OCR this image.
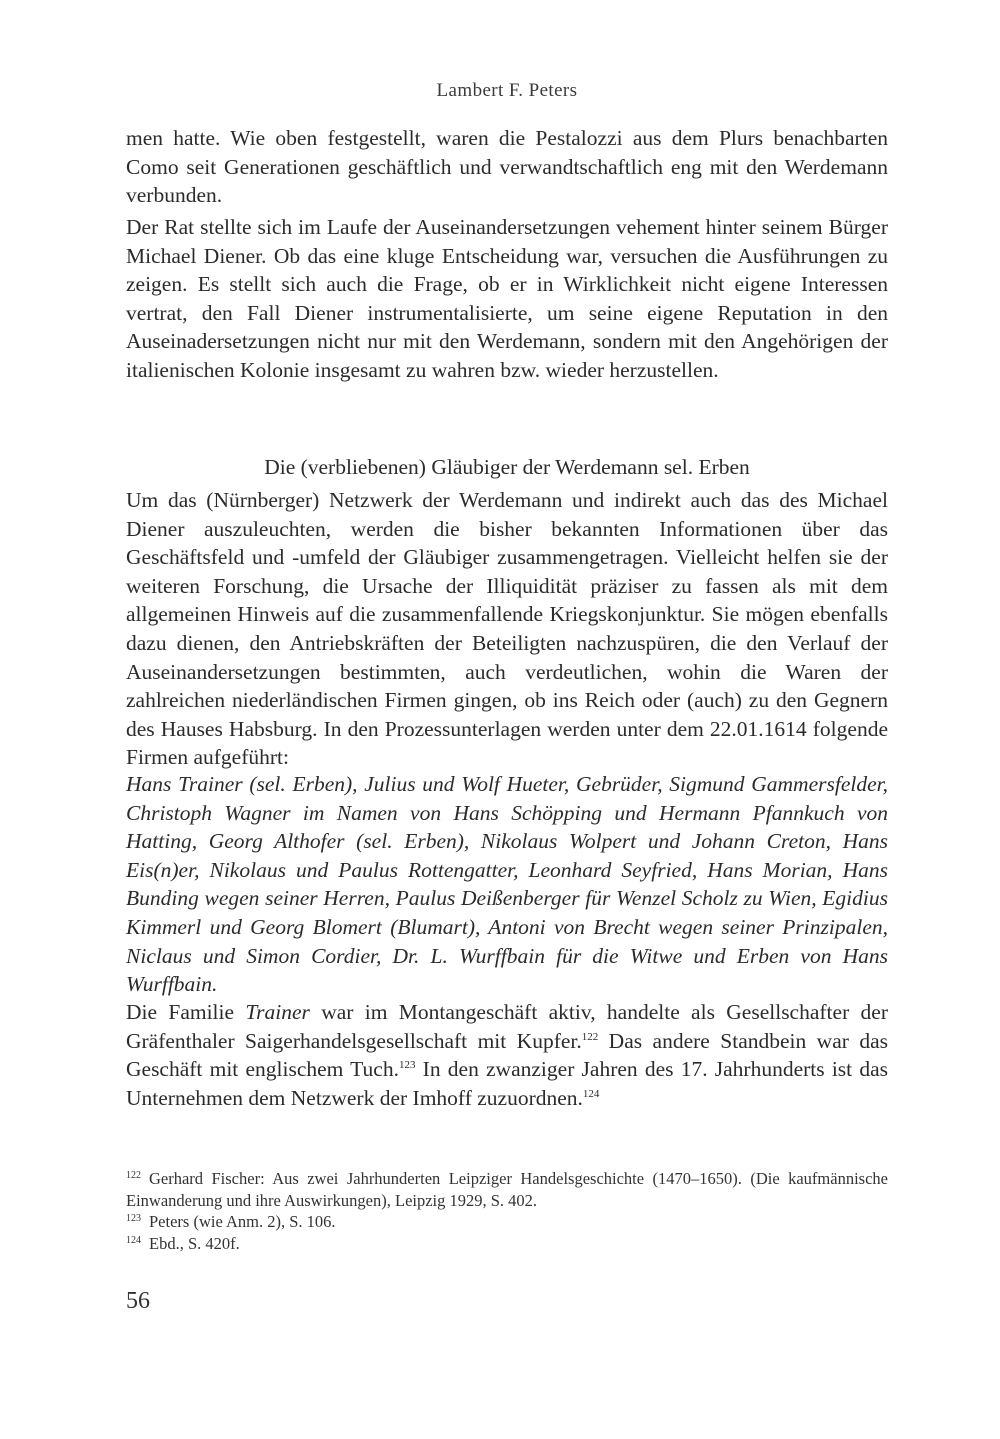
Lambert F. Peters

men hatte. Wie oben festgestellt, waren die Pestalozzi aus dem Plurs benachbarten Como seit Generationen geschäftlich und verwandtschaftlich eng mit den Werdemann verbunden.

Der Rat stellte sich im Laufe der Auseinandersetzungen vehement hinter seinem Bürger Michael Diener. Ob das eine kluge Entscheidung war, versuchen die Ausführungen zu zeigen. Es stellt sich auch die Frage, ob er in Wirklichkeit nicht eigene Interessen vertrat, den Fall Diener instrumentalisierte, um seine eigene Reputation in den Auseinadersetzungen nicht nur mit den Werdemann, sondern mit den Angehörigen der italienischen Kolonie insgesamt zu wahren bzw. wieder herzustellen.

Die (verbliebenen) Gläubiger der Werdemann sel. Erben

Um das (Nürnberger) Netzwerk der Werdemann und indirekt auch das des Michael Diener auszuleuchten, werden die bisher bekannten Informationen über das Geschäftsfeld und -umfeld der Gläubiger zusammengetragen. Vielleicht helfen sie der weiteren Forschung, die Ursache der Illiquidität präziser zu fassen als mit dem allgemeinen Hinweis auf die zusammenfallende Kriegskonjunktur. Sie mögen ebenfalls dazu dienen, den Antriebskräften der Beteiligten nachzuspüren, die den Verlauf der Auseinandersetzungen bestimmten, auch verdeutlichen, wohin die Waren der zahlreichen niederländischen Firmen gingen, ob ins Reich oder (auch) zu den Gegnern des Hauses Habsburg. In den Prozessunterlagen werden unter dem 22.01.1614 folgende Firmen aufgeführt:

Hans Trainer (sel. Erben), Julius und Wolf Hueter, Gebrüder, Sigmund Gammersfelder, Christoph Wagner im Namen von Hans Schöpping und Hermann Pfannkuch von Hatting, Georg Althofer (sel. Erben), Nikolaus Wolpert und Johann Creton, Hans Eis(n)er, Nikolaus und Paulus Rottengatter, Leonhard Seyfried, Hans Morian, Hans Bunding wegen seiner Herren, Paulus Deißenberger für Wenzel Scholz zu Wien, Egidius Kimmerl und Georg Blomert (Blumart), Antoni von Brecht wegen seiner Prinzipalen, Niclaus und Simon Cordier, Dr. L. Wurffbain für die Witwe und Erben von Hans Wurffbain.

Die Familie Trainer war im Montangeschäft aktiv, handelte als Gesellschafter der Gräfenthaler Saigerhandelsgesellschaft mit Kupfer.$^{122}$ Das andere Standbein war das Geschäft mit englischem Tuch.$^{123}$ In den zwanziger Jahren des 17. Jahrhunderts ist das Unternehmen dem Netzwerk der Imhoff zuzuordnen.$^{124}$

$^{122}$ Gerhard Fischer: Aus zwei Jahrhunderten Leipziger Handelsgeschichte (1470–1650). (Die kaufmännische Einwanderung und ihre Auswirkungen), Leipzig 1929, S. 402.

$^{123}$ Peters (wie Anm. 2), S. 106.

$^{124}$ Ebd., S. 420f.

56
